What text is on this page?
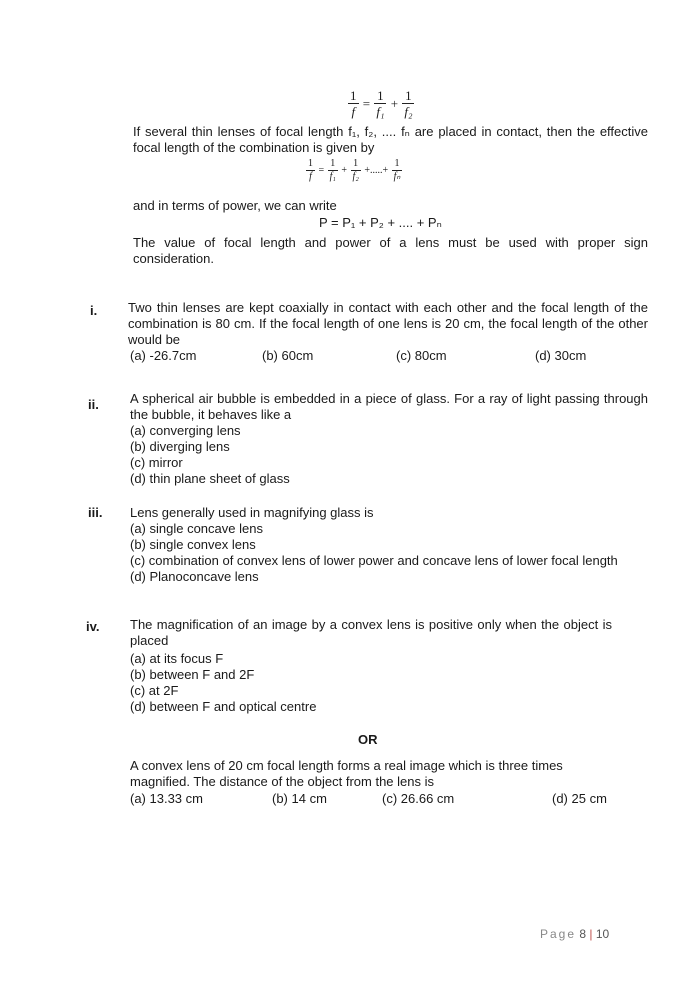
$\frac{1}{f} = \frac{1}{\text{f₁}} + \frac{1}{\text{f₂}}$
If several thin lenses of focal length f₁, f₂, .... fₙ are placed in contact, then the effective focal length of the combination is given by
$\frac{1}{f} = \frac{1}{\text{f₁}} + \frac{1}{\text{f₂}}$ +.....+ $\frac{1}{\text{fₙ}}$
and in terms of power, we can write
P = P₁ + P₂ + .... + Pₙ
The value of focal length and power of a lens must be used with proper sign consideration.
i. Two thin lenses are kept coaxially in contact with each other and the focal length of the combination is 80 cm. If the focal length of one lens is 20 cm, the focal length of the other would be
(a) -26.7cm	(b) 60cm	(c) 80cm	(d) 30cm
ii. A spherical air bubble is embedded in a piece of glass. For a ray of light passing through the bubble, it behaves like a
(a) converging lens
(b) diverging lens
(c) mirror
(d) thin plane sheet of glass
iii. Lens generally used in magnifying glass is
(a) single concave lens
(b) single convex lens
(c) combination of convex lens of lower power and concave lens of lower focal length
(d) Planoconcave lens
iv. The magnification of an image by a convex lens is positive only when the object is placed
(a) at its focus F
(b) between F and 2F
(c) at 2F
(d) between F and optical centre
OR
A convex lens of 20 cm focal length forms a real image which is three times magnified. The distance of the object from the lens is
(a) 13.33 cm	(b) 14 cm	(c) 26.66 cm	(d) 25 cm
Page 8 | 10
